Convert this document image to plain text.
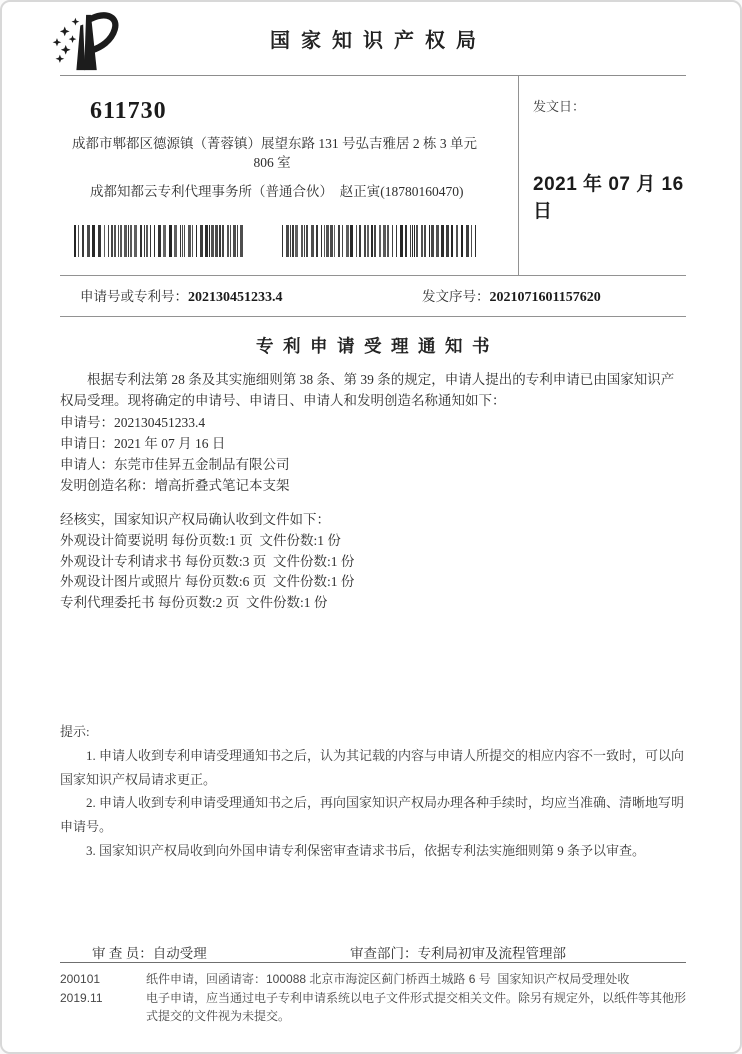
国家知识产权局

611730

成都市郫都区德源镇（菁蓉镇）展望东路 131 号弘吉雅居 2 栋 3 单元

806 室

成都知都云专利代理事务所（普通合伙）  赵正寅(18780160470)

发文日：

2021 年 07 月 16 日

申请号或专利号：202130451233.4	发文序号：2021071601157620
专利申请受理通知书

根据专利法第 28 条及其实施细则第 38 条、第 39 条的规定，申请人提出的专利申请已由国家知识产权局受理。现将确定的申请号、申请日、申请人和发明创造名称通知如下：

申请号：202130451233.4

申请日：2021 年 07 月 16 日

申请人：东莞市佳昇五金制品有限公司

发明创造名称：增高折叠式笔记本支架

经核实，国家知识产权局确认收到文件如下：

外观设计简要说明 每份页数:1 页  文件份数:1 份

外观设计专利请求书 每份页数:3 页  文件份数:1 份

外观设计图片或照片 每份页数:6 页  文件份数:1 份

专利代理委托书 每份页数:2 页  文件份数:1 份

提示:

1. 申请人收到专利申请受理通知书之后，认为其记载的内容与申请人所提交的相应内容不一致时，可以向国家知识产权局请求更正。

2. 申请人收到专利申请受理通知书之后，再向国家知识产权局办理各种手续时，均应当准确、清晰地写明申请号。

3. 国家知识产权局收到向外国申请专利保密审查请求书后，依据专利法实施细则第 9 条予以审查。

审 查 员：自动受理	审查部门：专利局初审及流程管理部

200101

2019.11

纸件申请，回函请寄：100088 北京市海淀区蓟门桥西土城路 6 号  国家知识产权局受理处收

电子申请，应当通过电子专利申请系统以电子文件形式提交相关文件。除另有规定外，以纸件等其他形式提交的文件视为未提交。
